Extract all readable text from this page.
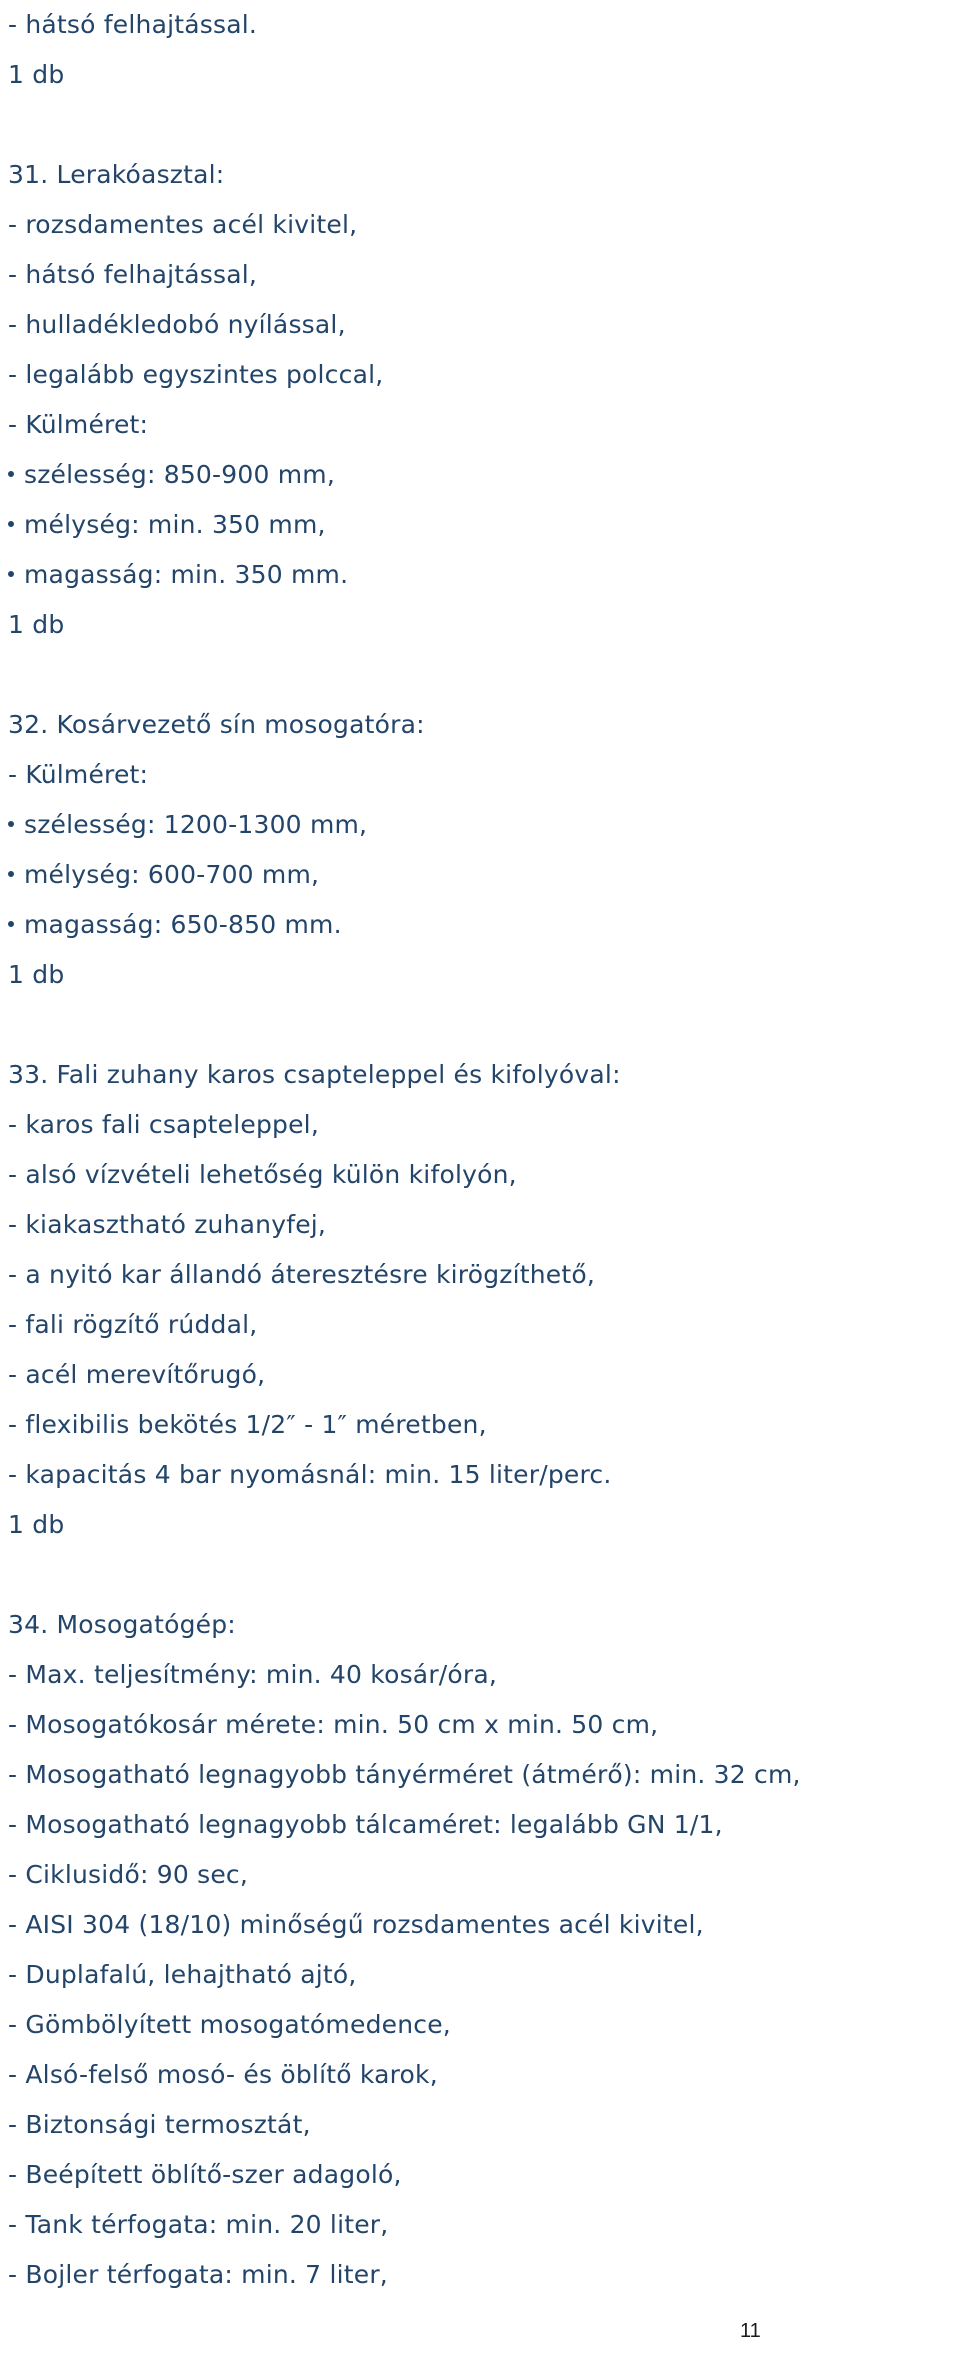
- hátsó felhajtással.
1 db
31. Lerakóasztal:
- rozsdamentes acél kivitel,
- hátsó felhajtással,
- hulladékledobó nyílással,
- legalább egyszintes polccal,
- Külméret:
szélesség: 850-900 mm,
mélység: min. 350 mm,
magasság: min. 350 mm.
1 db
32. Kosárvezető sín mosogatóra:
- Külméret:
szélesség: 1200-1300 mm,
mélység: 600-700 mm,
magasság: 650-850 mm.
1 db
33. Fali zuhany karos csapteleppel és kifolyóval:
- karos fali csapteleppel,
- alsó vízvételi lehetőség külön kifolyón,
- kiakasztható zuhanyfej,
- a nyitó kar állandó áteresztésre kirögzíthető,
- fali rögzítő rúddal,
- acél merevítőrugó,
- flexibilis bekötés 1/2″ - 1″ méretben,
- kapacitás 4 bar nyomásnál: min. 15 liter/perc.
1 db
34. Mosogatógép:
- Max. teljesítmény: min. 40 kosár/óra,
- Mosogatókosár mérete: min. 50 cm x min. 50 cm,
- Mosogatható legnagyobb tányérméret (átmérő): min. 32 cm,
- Mosogatható legnagyobb tálcaméret: legalább GN 1/1,
- Ciklusidő: 90 sec,
- AISI 304 (18/10) minőségű rozsdamentes acél kivitel,
- Duplafalú, lehajtható ajtó,
- Gömbölyített mosogatómedence,
- Alsó-felső mosó- és öblítő karok,
- Biztonsági termosztát,
- Beépített öblítő-szer adagoló,
- Tank térfogata: min. 20 liter,
- Bojler térfogata: min. 7 liter,
11
